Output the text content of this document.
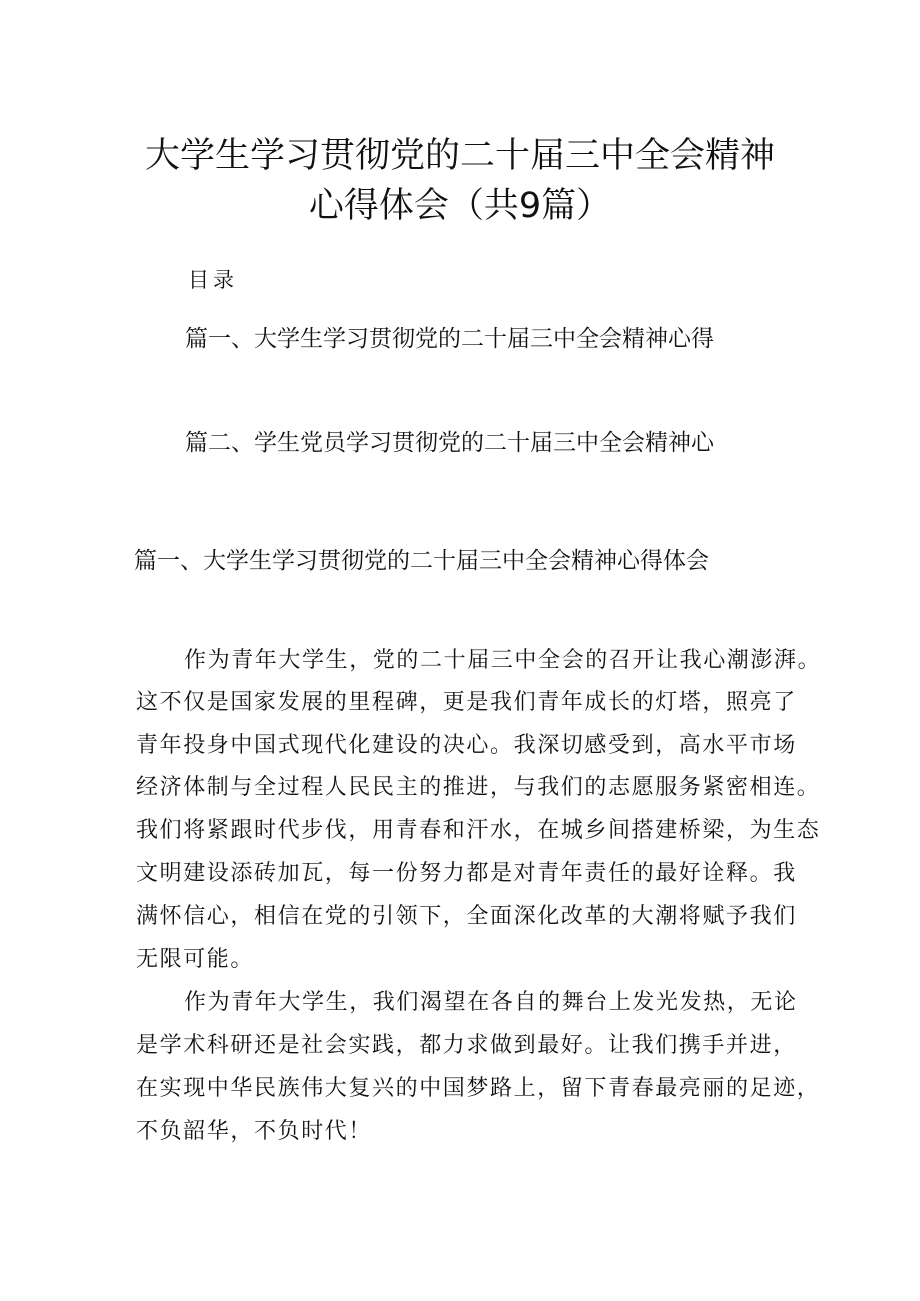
大学生学习贯彻党的二十届三中全会精神
心得体会（共9篇）
目录
篇一、大学生学习贯彻党的二十届三中全会精神心得
篇二、学生党员学习贯彻党的二十届三中全会精神心
篇一、大学生学习贯彻党的二十届三中全会精神心得体会
作为青年大学生，党的二十届三中全会的召开让我心潮澎湃。
这不仅是国家发展的里程碑，更是我们青年成长的灯塔，照亮了
青年投身中国式现代化建设的决心。我深切感受到，高水平市场
经济体制与全过程人民民主的推进，与我们的志愿服务紧密相连。
我们将紧跟时代步伐，用青春和汗水，在城乡间搭建桥梁，为生态
文明建设添砖加瓦，每一份努力都是对青年责任的最好诠释。我
满怀信心，相信在党的引领下，全面深化改革的大潮将赋予我们
无限可能。
作为青年大学生，我们渴望在各自的舞台上发光发热，无论
是学术科研还是社会实践，都力求做到最好。让我们携手并进，
在实现中华民族伟大复兴的中国梦路上，留下青春最亮丽的足迹，
不负韶华，不负时代！
